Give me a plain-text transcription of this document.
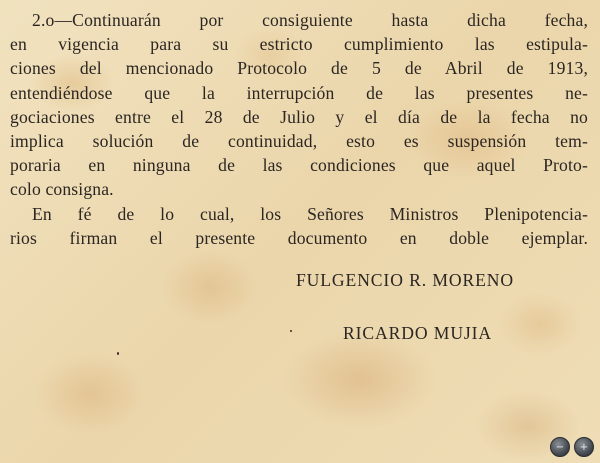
2.o—Continuarán por consiguiente hasta dicha fecha,
en vigencia para su estricto cumplimiento las estipula-
ciones del mencionado Protocolo de 5 de Abril de 1913,
entendiéndose que la interrupción de las presentes ne-
gociaciones entre el 28 de Julio y el día de la fecha no
implica solución de continuidad, esto es suspensión tem-
poraria en ninguna de las condiciones que aquel Proto-
colo consigna.

En fé de lo cual, los Señores Ministros Plenipotencia-
rios firman el presente documento en doble ejemplar.

FULGENCIO R. MORENO
RICARDO MUJIA
−	+
